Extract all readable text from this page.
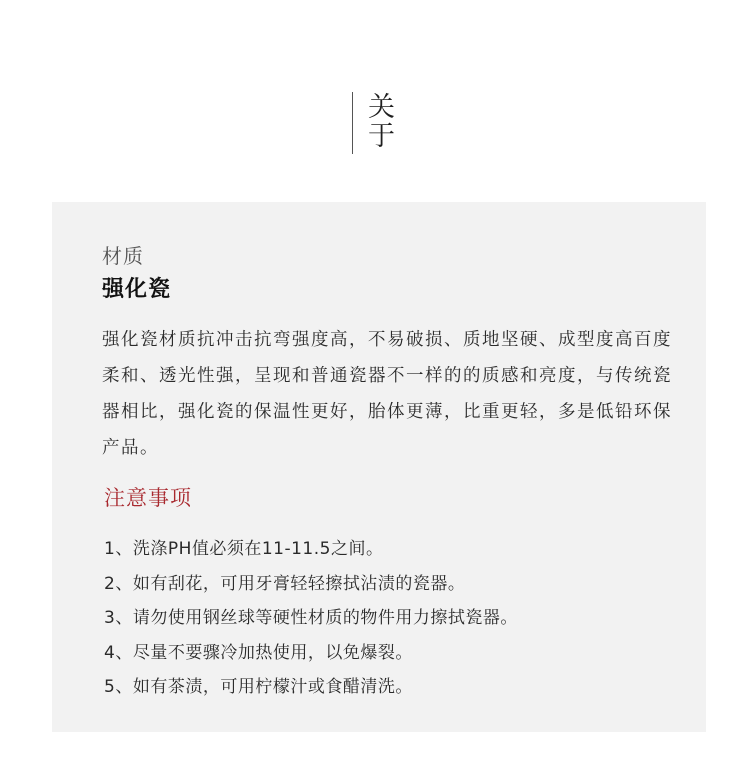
关于
材质
强化瓷

强化瓷材质抗冲击抗弯强度高，不易破损、质地坚硬、成型度高百度柔和、透光性强，呈现和普通瓷器不一样的的质感和亮度，与传统瓷器相比，强化瓷的保温性更好，胎体更薄，比重更轻，多是低铅环保产品。

注意事项
1、洗涤PH值必须在11-11.5之间。
2、如有刮花，可用牙膏轻轻擦拭沾渍的瓷器。
3、请勿使用钢丝球等硬性材质的物件用力擦拭瓷器。
4、尽量不要骤冷加热使用，以免爆裂。
5、如有茶渍，可用柠檬汁或食醋清洗。
